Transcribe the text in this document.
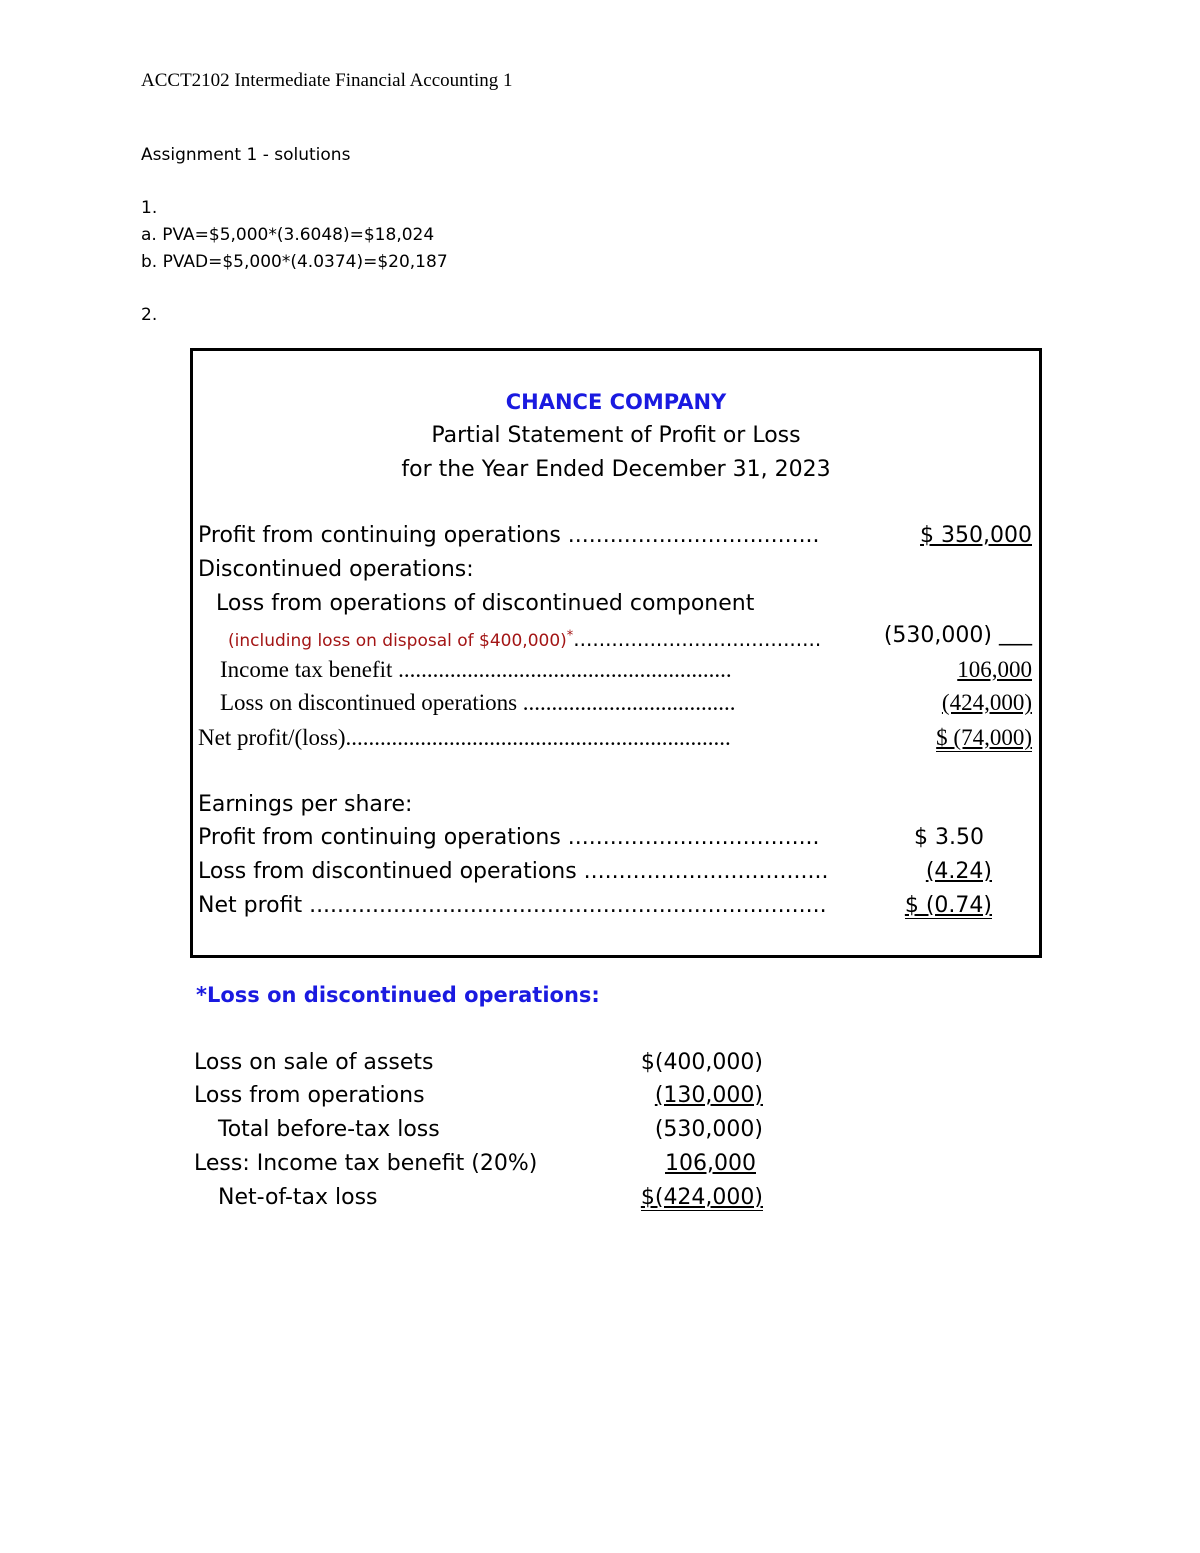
ACCT2102 Intermediate Financial Accounting 1
Assignment 1 - solutions
1.
a. PVA=$5,000*(3.6048)=$18,024
b. PVAD=$5,000*(4.0374)=$20,187
2.
CHANCE COMPANY
Partial Statement of Profit or Loss
for the Year Ended December 31, 2023
Profit from continuing operations ....................................	$ 350,000
Discontinued operations:
Loss from operations of discontinued component
(including loss on disposal of $400,000)*.......................................	(530,000) ___
Income tax benefit ..........................................................	106,000
Loss on discontinued operations .....................................	(424,000)
Net profit/(loss)...................................................................	$ (74,000)
Earnings per share:
Profit from continuing operations ....................................	$ 3.50
Loss from discontinued operations ...................................	(4.24)
Net profit ..........................................................................	$ (0.74)
*Loss on discontinued operations:
Loss on sale of assets	$(400,000)
Loss from operations	(130,000)
Total before-tax loss	(530,000)
Less: Income tax benefit (20%)	106,000
Net-of-tax loss	$(424,000)
